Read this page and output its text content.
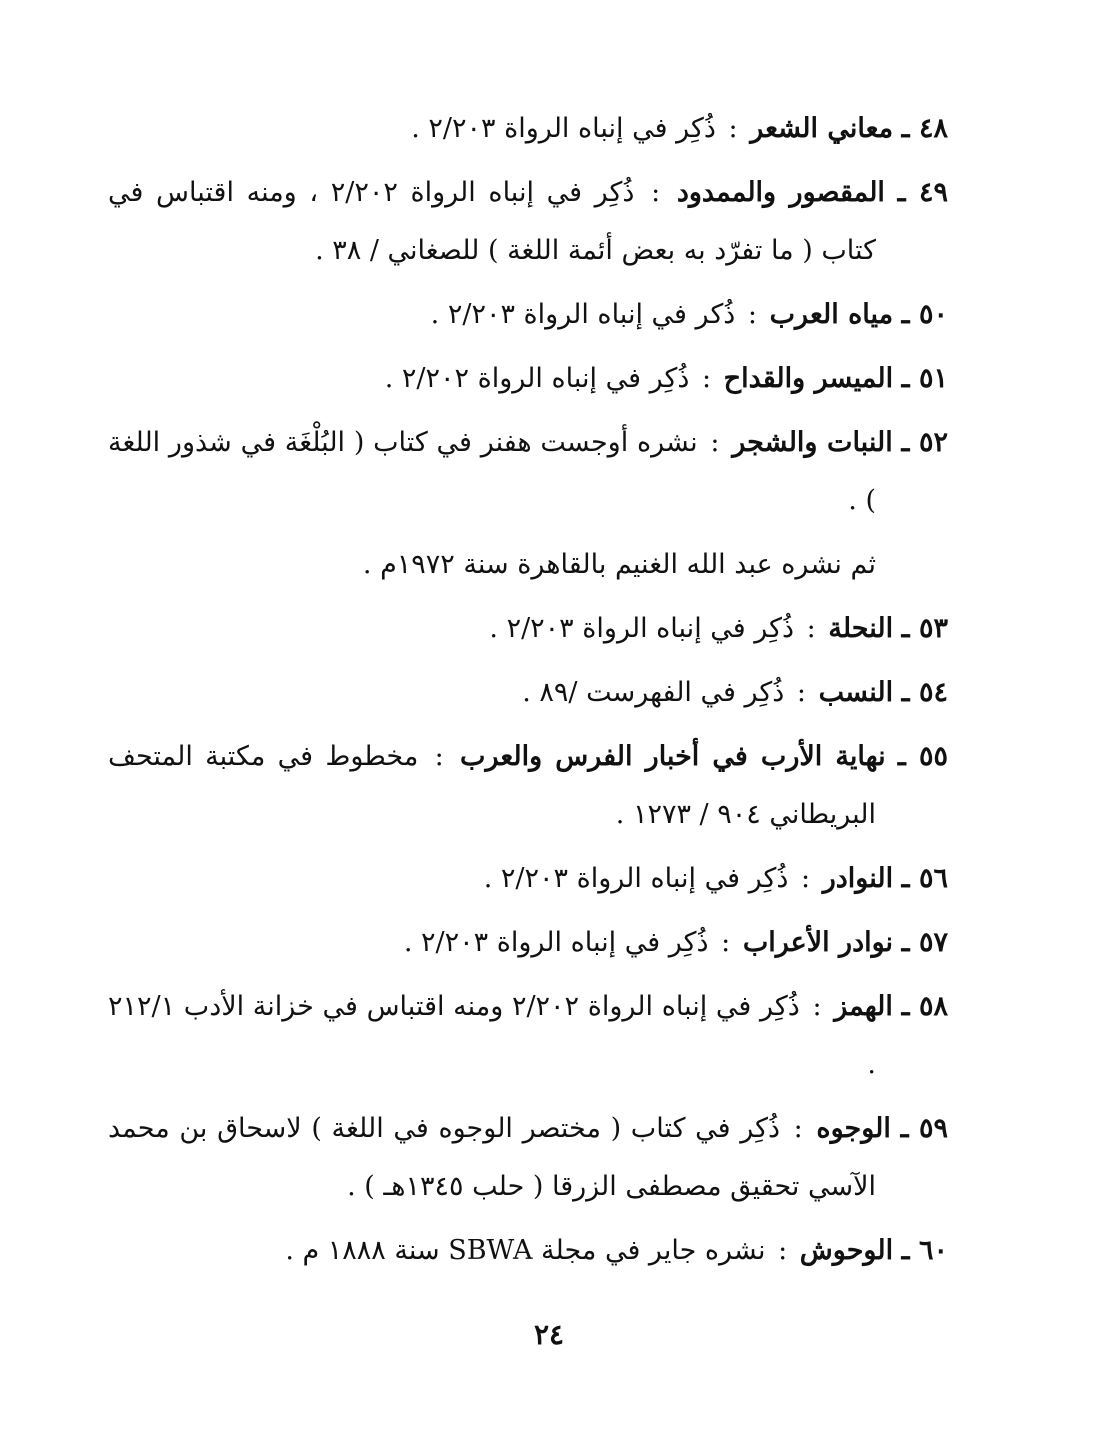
٤٨ ـ معاني الشعر : ذُكِر في إنباه الرواة ٢/٢٠٣ .

٤٩ ـ المقصور والممدود : ذُكِر في إنباه الرواة ٢/٢٠٢ ، ومنه اقتباس في كتاب ( ما تفرّد به بعض أئمة اللغة ) للصغاني / ٣٨ .

٥٠ ـ مياه العرب : ذُكر في إنباه الرواة ٢/٢٠٣ .

٥١ ـ الميسر والقداح : ذُكِر في إنباه الرواة ٢/٢٠٢ .

٥٢ ـ النبات والشجر : نشره أوجست هفنر في كتاب ( البُلْغَة في شذور اللغة ) .

ثم نشره عبد الله الغنيم بالقاهرة سنة ١٩٧٢م .

٥٣ ـ النحلة : ذُكِر في إنباه الرواة ٢/٢٠٣ .

٥٤ ـ النسب : ذُكِر في الفهرست /٨٩ .

٥٥ ـ نهاية الأرب في أخبار الفرس والعرب : مخطوط في مكتبة المتحف البريطاني ٩٠٤ / ١٢٧٣ .

٥٦ ـ النوادر : ذُكِر في إنباه الرواة ٢/٢٠٣ .

٥٧ ـ نوادر الأعراب : ذُكِر في إنباه الرواة ٢/٢٠٣ .

٥٨ ـ الهمز : ذُكِر في إنباه الرواة ٢/٢٠٢ ومنه اقتباس في خزانة الأدب ٢١٢/١ .

٥٩ ـ الوجوه : ذُكِر في كتاب ( مختصر الوجوه في اللغة ) لاسحاق بن محمد الآسي تحقيق مصطفى الزرقا ( حلب ١٣٤٥هـ ) .

٦٠ ـ الوحوش : نشره جاير في مجلة SBWA سنة ١٨٨٨ م .

٢٤
